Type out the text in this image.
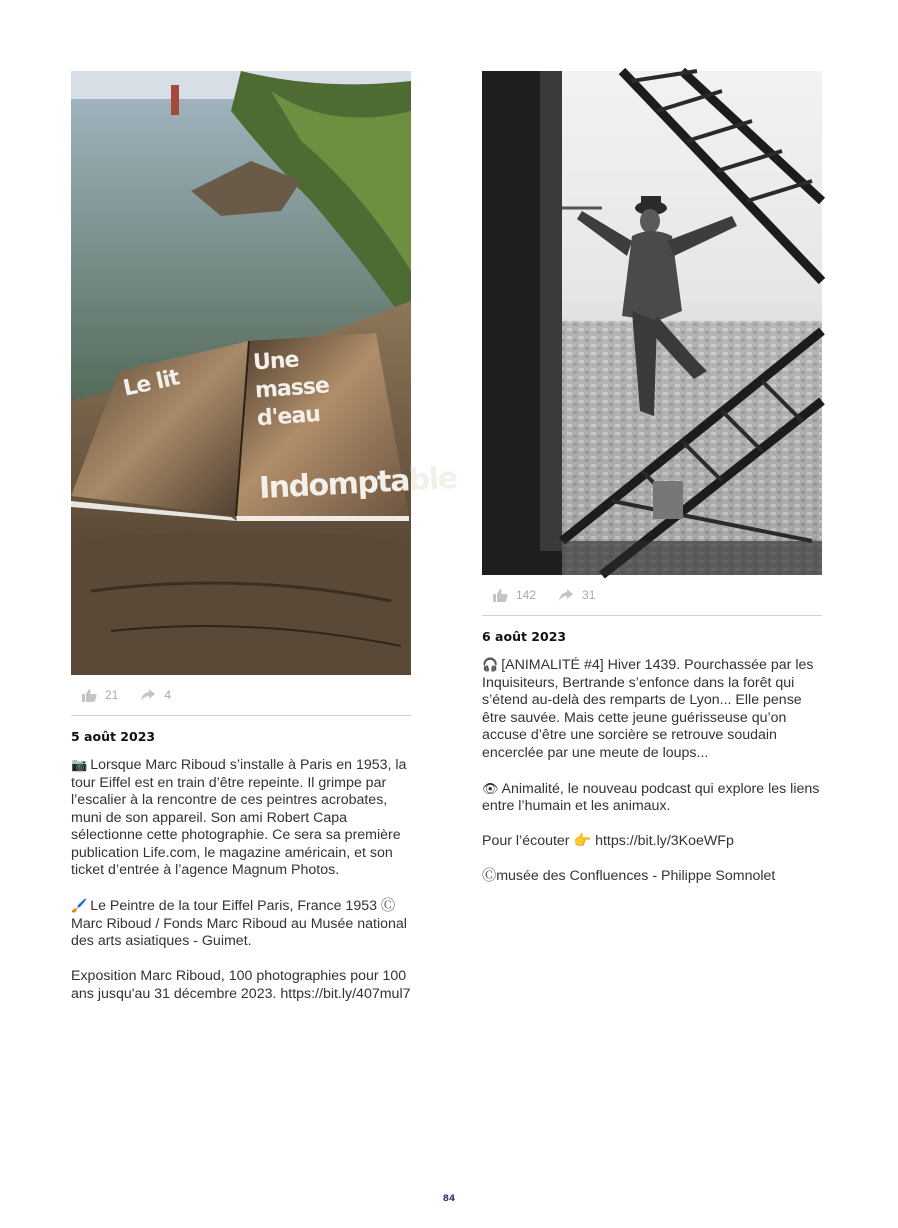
Le lit
Une masse d'eau
Indomptable
21	4
5 août 2023

📷 Lorsque Marc Riboud s’installe à Paris en 1953, la tour Eiffel est en train d’être repeinte. Il grimpe par l’escalier à la rencontre de ces peintres acrobates, muni de son appareil. Son ami Robert Capa sélectionne cette photographie. Ce sera sa première publication Life.com, le magazine américain, et son ticket d’entrée à l’agence Magnum Photos.

🖌️ Le Peintre de la tour Eiffel Paris, France 1953 Ⓒ Marc Riboud / Fonds Marc Riboud au Musée national des arts asiatiques - Guimet.

Exposition Marc Riboud, 100 photographies pour 100 ans jusqu'au 31 décembre 2023. https://bit.ly/407mul7

142	31
6 août 2023

🎧 [ANIMALITÉ #4] Hiver 1439. Pourchassée par les Inquisiteurs, Bertrande s’enfonce dans la forêt qui s’étend au-delà des remparts de Lyon... Elle pense être sauvée. Mais cette jeune guérisseuse qu’on accuse d’être une sorcière se retrouve soudain encerclée par une meute de loups...

👁 Animalité, le nouveau podcast qui explore les liens entre l’humain et les animaux.

Pour l’écouter 👉 https://bit.ly/3KoeWFp

Ⓒmusée des Confluences - Philippe Somnolet

84
